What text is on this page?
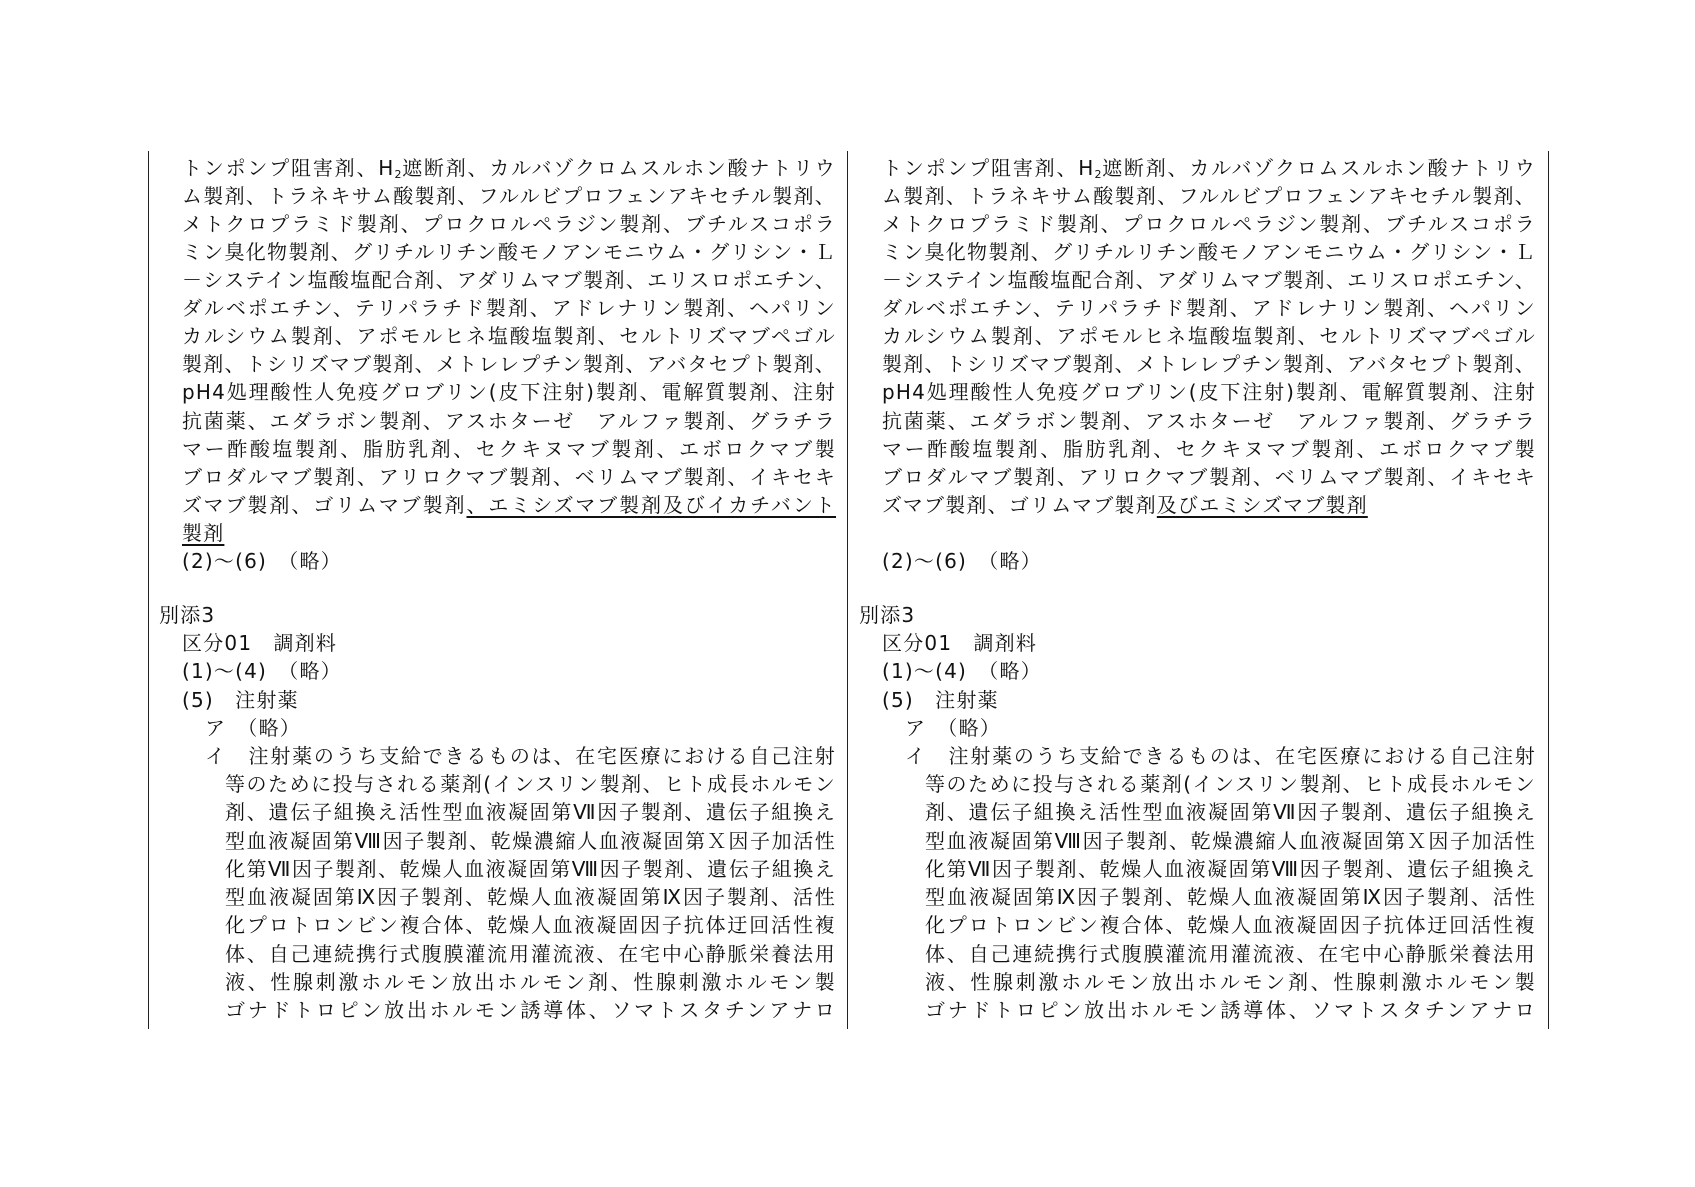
トンポンプ阻害剤、$H_2$遮断剤、カルバゾクロムスルホン酸ナトリウ
ム製剤、トラネキサム酸製剤、フルルビプロフェンアキセチル製剤、
メトクロプラミド製剤、プロクロルペラジン製剤、ブチルスコポラ
ミン臭化物製剤、グリチルリチン酸モノアンモニウム・グリシン・Ｌ
－システイン塩酸塩配合剤、アダリムマブ製剤、エリスロポエチン、
ダルベポエチン、テリパラチド製剤、アドレナリン製剤、ヘパリン
カルシウム製剤、アポモルヒネ塩酸塩製剤、セルトリズマブペゴル
製剤、トシリズマブ製剤、メトレレプチン製剤、アバタセプト製剤、
pH4処理酸性人免疫グロブリン(皮下注射)製剤、電解質製剤、注射
抗菌薬、エダラボン製剤、アスホターゼ　アルファ製剤、グラチラ
マー酢酸塩製剤、脂肪乳剤、セクキヌマブ製剤、エボロクマブ製
ブロダルマブ製剤、アリロクマブ製剤、ベリムマブ製剤、イキセキ
ズマブ製剤、ゴリムマブ製剤、エミシズマブ製剤及びイカチバント
製剤
(2)～(6)　（略）
別添3
区分01　調剤料
(1)～(4)　（略）
(5)　注射薬
ア　（略）
イ　注射薬のうち支給できるものは、在宅医療における自己注射
等のために投与される薬剤(インスリン製剤、ヒト成長ホルモン
剤、遺伝子組換え活性型血液凝固第Ⅶ因子製剤、遺伝子組換え
型血液凝固第Ⅷ因子製剤、乾燥濃縮人血液凝固第Ｘ因子加活性
化第Ⅶ因子製剤、乾燥人血液凝固第Ⅷ因子製剤、遺伝子組換え
型血液凝固第Ⅸ因子製剤、乾燥人血液凝固第Ⅸ因子製剤、活性
化プロトロンビン複合体、乾燥人血液凝固因子抗体迂回活性複
体、自己連続携行式腹膜灌流用灌流液、在宅中心静脈栄養法用
液、性腺刺激ホルモン放出ホルモン剤、性腺刺激ホルモン製
ゴナドトロピン放出ホルモン誘導体、ソマトスタチンアナロ
トンポンプ阻害剤、$H_2$遮断剤、カルバゾクロムスルホン酸ナトリウ
ム製剤、トラネキサム酸製剤、フルルビプロフェンアキセチル製剤、
メトクロプラミド製剤、プロクロルペラジン製剤、ブチルスコポラ
ミン臭化物製剤、グリチルリチン酸モノアンモニウム・グリシン・Ｌ
－システイン塩酸塩配合剤、アダリムマブ製剤、エリスロポエチン、
ダルベポエチン、テリパラチド製剤、アドレナリン製剤、ヘパリン
カルシウム製剤、アポモルヒネ塩酸塩製剤、セルトリズマブペゴル
製剤、トシリズマブ製剤、メトレレプチン製剤、アバタセプト製剤、
pH4処理酸性人免疫グロブリン(皮下注射)製剤、電解質製剤、注射
抗菌薬、エダラボン製剤、アスホターゼ　アルファ製剤、グラチラ
マー酢酸塩製剤、脂肪乳剤、セクキヌマブ製剤、エボロクマブ製
ブロダルマブ製剤、アリロクマブ製剤、ベリムマブ製剤、イキセキ
ズマブ製剤、ゴリムマブ製剤及びエミシズマブ製剤
(2)～(6)　（略）
別添3
区分01　調剤料
(1)～(4)　（略）
(5)　注射薬
ア　（略）
イ　注射薬のうち支給できるものは、在宅医療における自己注射
等のために投与される薬剤(インスリン製剤、ヒト成長ホルモン
剤、遺伝子組換え活性型血液凝固第Ⅶ因子製剤、遺伝子組換え
型血液凝固第Ⅷ因子製剤、乾燥濃縮人血液凝固第Ｘ因子加活性
化第Ⅶ因子製剤、乾燥人血液凝固第Ⅷ因子製剤、遺伝子組換え
型血液凝固第Ⅸ因子製剤、乾燥人血液凝固第Ⅸ因子製剤、活性
化プロトロンビン複合体、乾燥人血液凝固因子抗体迂回活性複
体、自己連続携行式腹膜灌流用灌流液、在宅中心静脈栄養法用
液、性腺刺激ホルモン放出ホルモン剤、性腺刺激ホルモン製
ゴナドトロピン放出ホルモン誘導体、ソマトスタチンアナロ
